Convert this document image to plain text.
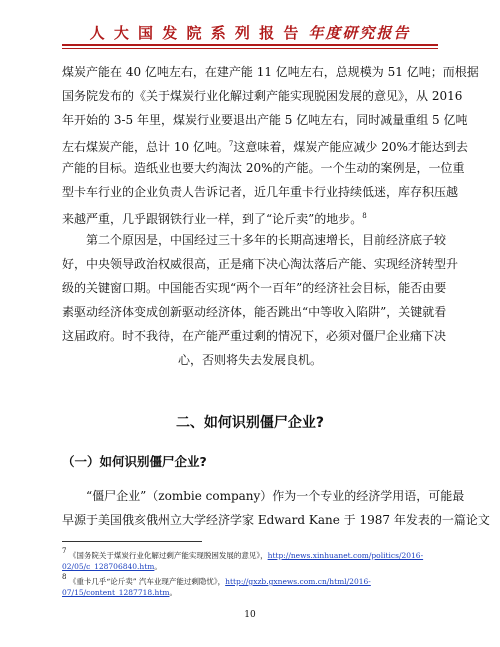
人 大 国 发 院 系 列 报 告 年度研究报告
煤炭产能在 40 亿吨左右，在建产能 11 亿吨左右，总规模为 51 亿吨；而根据
国务院发布的《关于煤炭行业化解过剩产能实现脱困发展的意见》，从 2016
年开始的 3-5 年里，煤炭行业要退出产能 5 亿吨左右，同时减量重组 5 亿吨
左右煤炭产能，总计 10 亿吨。$^7$这意味着，煤炭产能应减少 20%才能达到去
产能的目标。造纸业也要大约淘汰 20%的产能。一个生动的案例是，一位重
型卡车行业的企业负责人告诉记者，近几年重卡行业持续低迷，库存积压越
来越严重，几乎跟钢铁行业一样，到了“论斤卖”的地步。$^8$
第二个原因是，中国经过三十多年的长期高速增长，目前经济底子较
好，中央领导政治权威很高，正是痛下决心淘汰落后产能、实现经济转型升
级的关键窗口期。中国能否实现“两个一百年”的经济社会目标，能否由要
素驱动经济体变成创新驱动经济体，能否跳出“中等收入陷阱”，关键就看
这届政府。时不我待，在产能严重过剩的情况下，必须对僵尸企业痛下决
心，否则将失去发展良机。
二、如何识别僵尸企业?
（一）如何识别僵尸企业?
“僵尸企业”（zombie company）作为一个专业的经济学用语，可能最
早源于美国俄亥俄州立大学经济学家 Edward Kane 于 1987 年发表的一篇论文
$^7$ 《国务院关于煤炭行业化解过剩产能实现脱困发展的意见》，http://news.xinhuanet.com/politics/2016-
02/05/c_128706840.htm。
$^8$ 《重卡几乎“论斤卖” 汽车业现产能过剩隐忧》，http://gxzb.gxnews.com.cn/html/2016-
07/15/content_1287718.htm。
10
